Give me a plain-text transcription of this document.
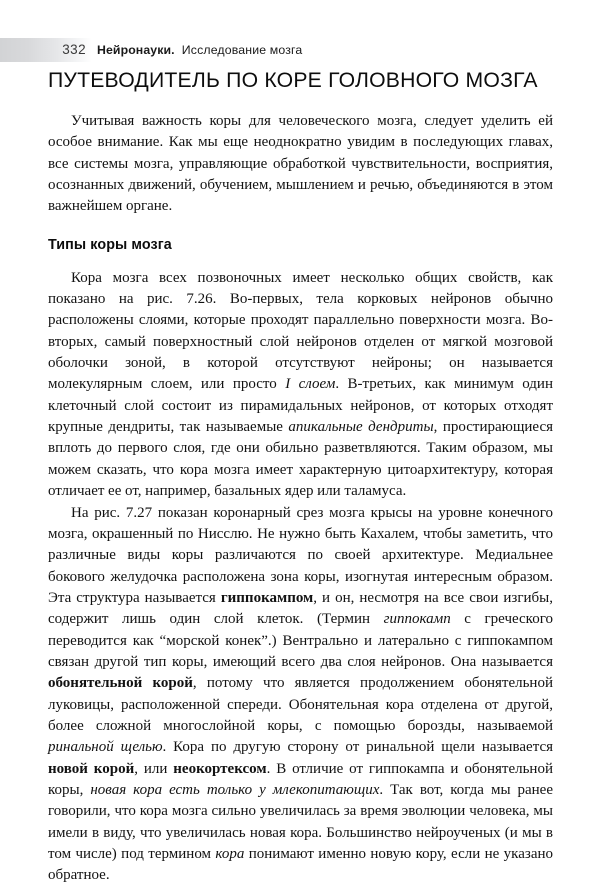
332 Нейронауки. Исследование мозга
ПУТЕВОДИТЕЛЬ ПО КОРЕ ГОЛОВНОГО МОЗГА

Учитывая важность коры для человеческого мозга, следует уделить ей особое внимание. Как мы еще неоднократно увидим в последующих главах, все системы мозга, управляющие обработкой чувствительности, восприятия, осознанных движений, обучением, мышлением и речью, объединяются в этом важнейшем органе.

Типы коры мозга

Кора мозга всех позвоночных имеет несколько общих свойств, как показано на рис. 7.26. Во-первых, тела корковых нейронов обычно расположены слоями, которые проходят параллельно поверхности мозга. Во-вторых, самый поверхностный слой нейронов отделен от мягкой мозговой оболочки зоной, в которой отсутствуют нейроны; он называется молекулярным слоем, или просто I слоем. В-третьих, как минимум один клеточный слой состоит из пирамидальных нейронов, от которых отходят крупные дендриты, так называемые апикальные дендриты, простирающиеся вплоть до первого слоя, где они обильно разветвляются. Таким образом, мы можем сказать, что кора мозга имеет характерную цитоархитектуру, которая отличает ее от, например, базальных ядер или таламуса.

На рис. 7.27 показан коронарный срез мозга крысы на уровне конечного мозга, окрашенный по Нисслю. Не нужно быть Кахалем, чтобы заметить, что различные виды коры различаются по своей архитектуре. Медиальнее бокового желудочка расположена зона коры, изогнутая интересным образом. Эта структура называется гиппокампом, и он, несмотря на все свои изгибы, содержит лишь один слой клеток. (Термин гиппокамп с греческого переводится как “морской конек”.) Вентрально и латерально с гиппокампом связан другой тип коры, имеющий всего два слоя нейронов. Она называется обонятельной корой, потому что является продолжением обонятельной луковицы, расположенной спереди. Обонятельная кора отделена от другой, более сложной многослойной коры, с помощью борозды, называемой ринальной щелью. Кора по другую сторону от ринальной щели называется новой корой, или неокортексом. В отличие от гиппокампа и обонятельной коры, новая кора есть только у млекопитающих. Так вот, когда мы ранее говорили, что кора мозга сильно увеличилась за время эволюции человека, мы имели в виду, что увеличилась новая кора. Большинство нейроученых (и мы в том числе) под термином кора понимают именно новую кору, если не указано обратное.
